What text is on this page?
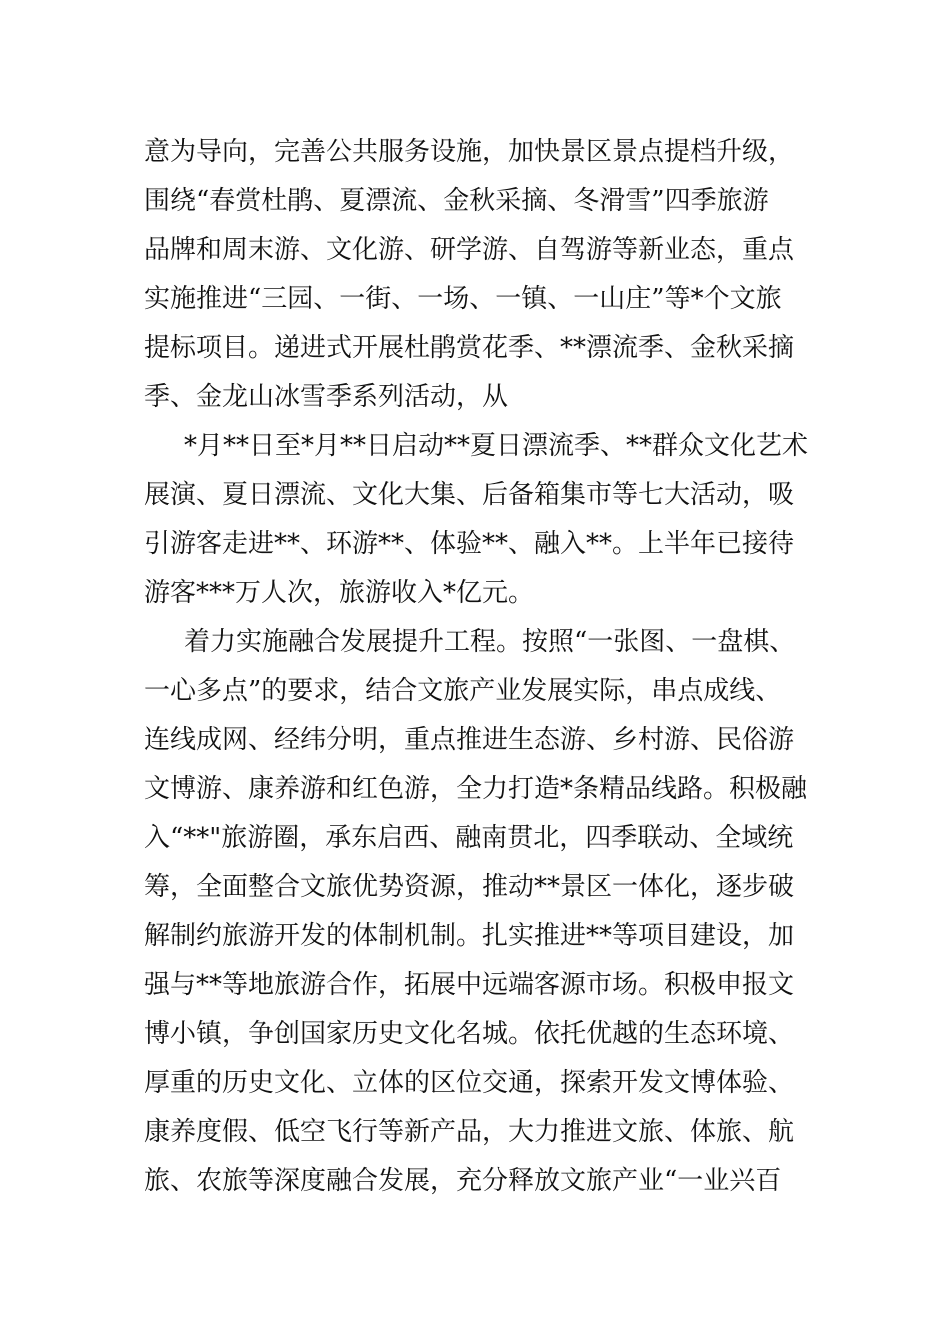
意为导向，完善公共服务设施，加快景区景点提档升级，
围绕“春赏杜鹃、夏漂流、金秋采摘、冬滑雪”四季旅游
品牌和周末游、文化游、研学游、自驾游等新业态，重点
实施推进“三园、一街、一场、一镇、一山庄”等*个文旅
提标项目。递进式开展杜鹃赏花季、**漂流季、金秋采摘
季、金龙山冰雪季系列活动，从
*月**日至*月**日启动**夏日漂流季、**群众文化艺术
展演、夏日漂流、文化大集、后备箱集市等七大活动，吸
引游客走进**、环游**、体验**、融入**。上半年已接待
游客***万人次，旅游收入*亿元。
着力实施融合发展提升工程。按照“一张图、一盘棋、
一心多点”的要求，结合文旅产业发展实际，串点成线、
连线成网、经纬分明，重点推进生态游、乡村游、民俗游
文博游、康养游和红色游，全力打造*条精品线路。积极融
入“**"旅游圈，承东启西、融南贯北，四季联动、全域统
筹，全面整合文旅优势资源，推动**景区一体化，逐步破
解制约旅游开发的体制机制。扎实推进**等项目建设，加
强与**等地旅游合作，拓展中远端客源市场。积极申报文
博小镇，争创国家历史文化名城。依托优越的生态环境、
厚重的历史文化、立体的区位交通，探索开发文博体验、
康养度假、低空飞行等新产品，大力推进文旅、体旅、航
旅、农旅等深度融合发展，充分释放文旅产业“一业兴百
